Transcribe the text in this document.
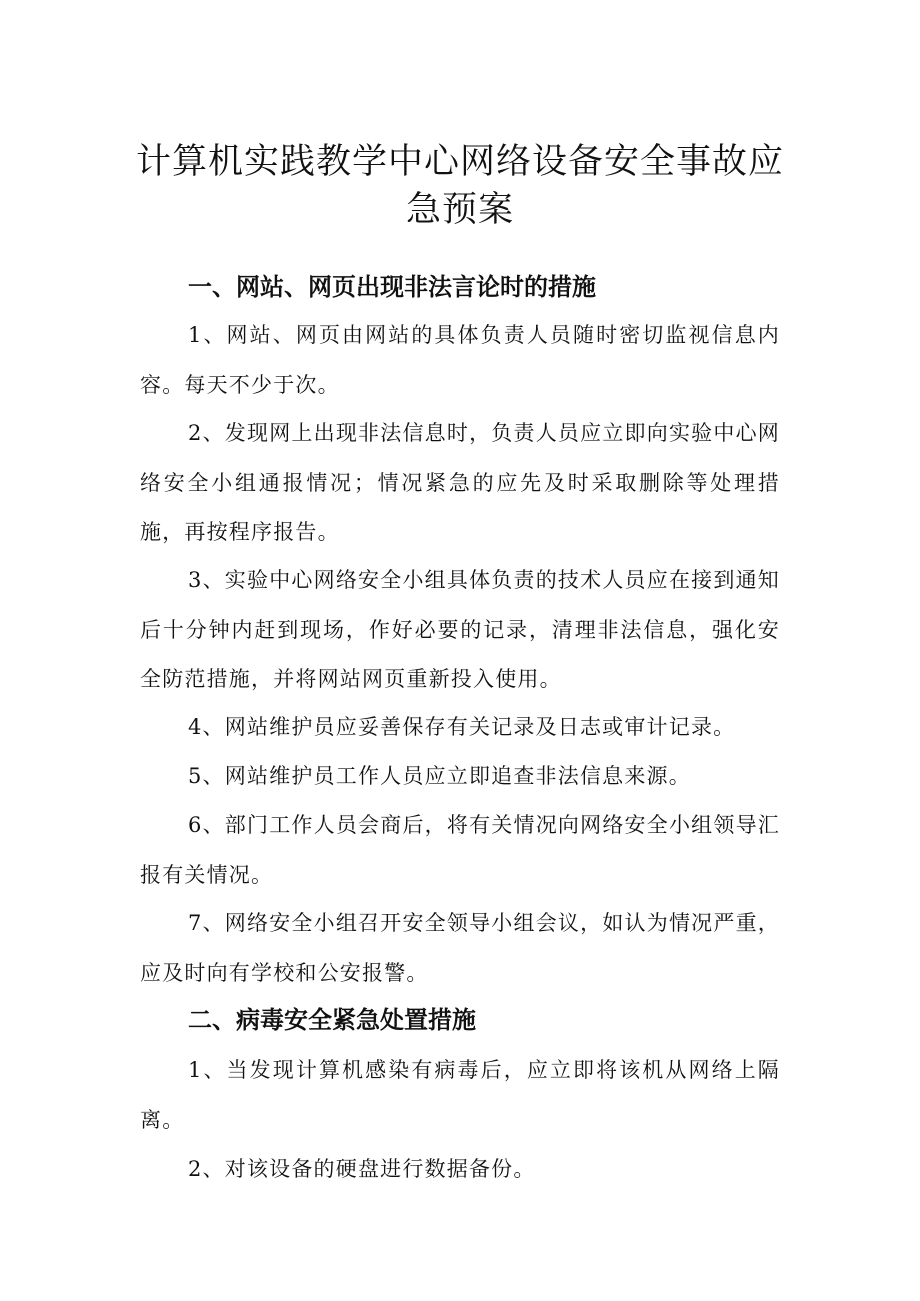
计算机实践教学中心网络设备安全事故应
急预案
一、网站、网页出现非法言论时的措施
1、网站、网页由网站的具体负责人员随时密切监视信息内容。每天不少于次。
2、发现网上出现非法信息时，负责人员应立即向实验中心网络安全小组通报情况；情况紧急的应先及时采取删除等处理措施，再按程序报告。
3、实验中心网络安全小组具体负责的技术人员应在接到通知后十分钟内赶到现场，作好必要的记录，清理非法信息，强化安全防范措施，并将网站网页重新投入使用。
4、网站维护员应妥善保存有关记录及日志或审计记录。
5、网站维护员工作人员应立即追查非法信息来源。
6、部门工作人员会商后，将有关情况向网络安全小组领导汇报有关情况。
7、网络安全小组召开安全领导小组会议，如认为情况严重，应及时向有学校和公安报警。
二、病毒安全紧急处置措施
1、当发现计算机感染有病毒后，应立即将该机从网络上隔离。
2、对该设备的硬盘进行数据备份。
